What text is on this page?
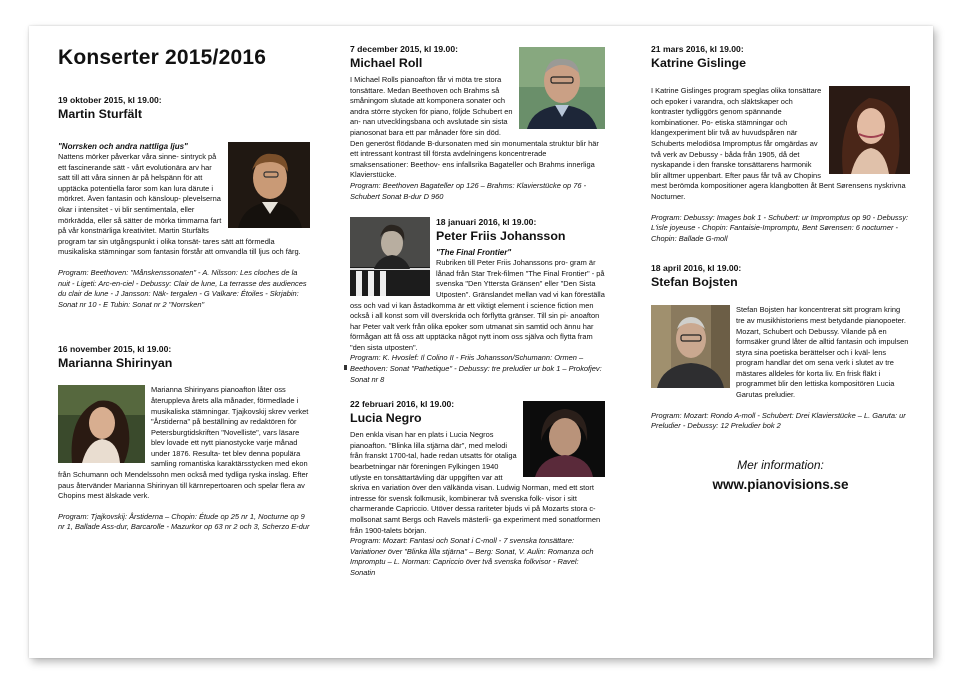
Konserter 2015/2016
19 oktober 2015, kl 19.00:
Martin Sturfält
"Norrsken och andra nattliga ljus"
Nattens mörker påverkar våra sinne- sintryck på ett fascinerande sätt - vårt evolutionära arv har satt till att våra sinnen är på helspänn för att upptäcka potentiella faror som kan lura därute i mörkret. Även fantasin och känsloup- plevelserna ökar i intensitet - vi blir sentimentala, eller mörkrädda, eller så sätter de mörka timmarna fart på vår konstnärliga kreativitet. Martin Sturfälts program tar sin utgångspunkt i olika tonsät- tares sätt att förmedla musikaliska stämningar som fantasin förstår att omvandla till ljus och färg.
Program: Beethoven: "Månskenssonaten" - A. Nilsson: Les cloches de la nuit - Ligeti: Arc-en-ciel - Debussy: Clair de lune, La terrasse des audiences du clair de lune - J Jansson: Näk- tergalen - G Valkare: Étoiles - Skrjabin: Sonat nr 10 - E Tubin: Sonat nr 2 "Norrsken"
16 november 2015, kl 19.00:
Marianna Shirinyan
Marianna Shirinyans pianoafton låter oss återuppleva årets alla månader, förmedlade i musikaliska stämningar. Tjajkovskij skrev verket "Årstiderna" på beställning av redaktören för Petersburgtidskriften "Novelliste", vars läsare blev lovade ett nytt pianostycke varje månad under 1876. Resulta- tet blev denna populära samling romantiska karaktärsstycken med ekon från Schumann och Mendelssohn men också med tydliga ryska inslag. Efter paus återvänder Marianna Shirinyan till kärnrepertoaren och spelar flera av Chopins mest älskade verk.
Program: Tjajkovskij: Årstiderna – Chopin: Étude op 25 nr 1, Nocturne op 9 nr 1, Ballade Ass-dur, Barcarolle - Mazurkor op 63 nr 2 och 3, Scherzo E-dur
7 december 2015, kl 19.00:
Michael Roll
I Michael Rolls pianoafton får vi möta tre stora tonsättare. Medan Beethoven och Brahms så småningom slutade att komponera sonater och andra större stycken för piano, följde Schubert en an- nan utvecklingsbana och avslutade sin sista pianosonat bara ett par månader före sin död. Den generöst flödande B-dursonaten med sin monumentala struktur blir här ett intressant kontrast till första avdelningens koncentrerade smaksensationer: Beethov- ens infallsrika Bagateller och Brahms innerliga Klavierstücke.
Program: Beethoven Bagateller op 126 – Brahms: Klavierstücke op 76 - Schubert Sonat B-dur D 960
18 januari 2016, kl 19.00:
Peter Friis Johansson
"The Final Frontier"
Rubriken till Peter Friis Johanssons pro- gram är lånad från Star Trek-filmen "The Final Frontier" - på svenska "Den Yttersta Gränsen" eller "Den Sista Utposten". Gränslandet mellan vad vi kan föreställa oss och vad vi kan åstadkomma är ett viktigt element i science fiction men också i all konst som vill överskrida och förflytta gränser. Till sin pi- anoafton har Peter valt verk från olika epoker som utmanat sin samtid och ännu har förmågan att få oss att upptäcka något nytt inom oss själva och flytta fram "den sista utposten".
Program: K. Hvoslef: Il Colino II - Friis Johansson/Schumann: Ormen – Beethoven: Sonat "Pathetique" - Debussy: tre preludier ur bok 1 – Prokofjev: Sonat nr 8
22 februari 2016, kl 19.00:
Lucia Negro
Den enkla visan har en plats i Lucia Negros pianoafton. "Blinka lilla stjärna där", med melodi från franskt 1700-tal, hade redan utsatts för otaliga bearbetningar när föreningen Fylkingen 1940 utlyste en tonsättartävling där uppgiften var att skriva en variation över den välkända visan. Ludwig Norman, med ett stort intresse för svensk folkmusik, kombinerar två svenska folk- visor i sitt charmerande Capriccio. Utöver dessa rariteter bjuds vi på Mozarts stora c-mollsonat samt Bergs och Ravels mästerli- ga experiment med sonatformen från 1900-talets början.
Program: Mozart: Fantasi och Sonat i C-moll - 7 svenska tonsättare: Variationer över "Blinka lilla stjärna" – Berg: Sonat, V. Aulin: Romanza och Impromptu – L. Norman: Capriccio över två svenska folkvisor - Ravel: Sonatin
21 mars 2016, kl 19.00:
Katrine Gislinge
I Katrine Gislinges program speglas olika tonsättare och epoker i varandra, och släktskaper och kontraster tydliggörs genom spännande kombinationer. Po- etiska stämningar och klangexperiment blir två av huvudspåren när Schuberts melodiösa Impromptus får omgärdas av två verk av Debussy - båda från 1905, då det nyskapande i den franske tonsättarens harmonik blir alltmer uppenbart. Efter paus får två av Chopins mest berömda kompositioner agera klangbotten åt Bent Sørensens nyskrivna Nocturner.
Program: Debussy: Images bok 1 - Schubert: ur Impromptus op 90 - Debussy: L'isle joyeuse - Chopin: Fantaisie-Impromptu, Bent Sørensen: 6 nocturner - Chopin: Ballade G-moll
18 april 2016, kl 19.00:
Stefan Bojsten
Stefan Bojsten har koncentrerat sitt program kring tre av musikhistoriens mest betydande pianopoeter. Mozart, Schubert och Debussy. Vilande på en formsäker grund låter de alltid fantasin och impulsen styra sina poetiska berättelser och i kväl- lens program handlar det om sena verk i slutet av tre mästares alldeles för korta liv. En frisk fläkt i programmet blir den lettiska kompositören Lucia Garutas preludier.
Program: Mozart: Rondo A-moll - Schubert: Drei Klavierstücke – L. Garuta: ur Preludier - Debussy: 12 Preludier bok 2
Mer information:
www.pianovisions.se
